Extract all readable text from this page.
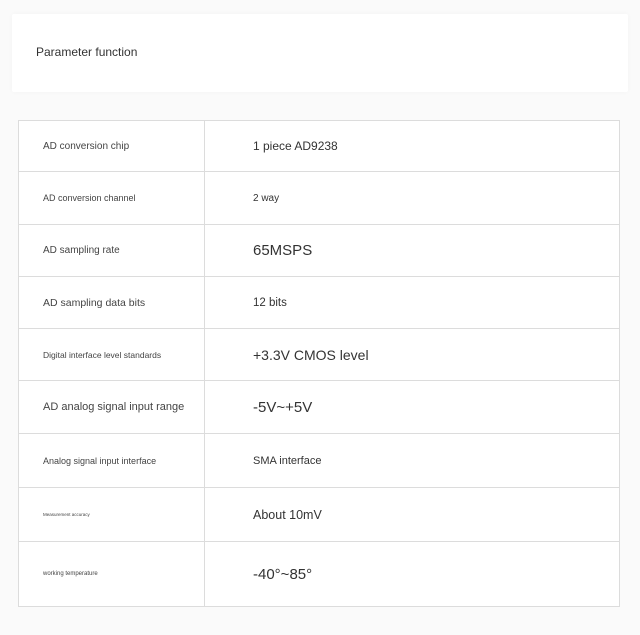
Parameter function
AD conversion chip	1 piece AD9238
AD conversion channel	2 way
AD sampling rate	65MSPS
AD sampling data bits	12 bits
Digital interface level standards	+3.3V CMOS level
AD analog signal input range	-5V~+5V
Analog signal input interface	SMA interface
Measurement accuracy	About 10mV
working temperature	-40°~85°
